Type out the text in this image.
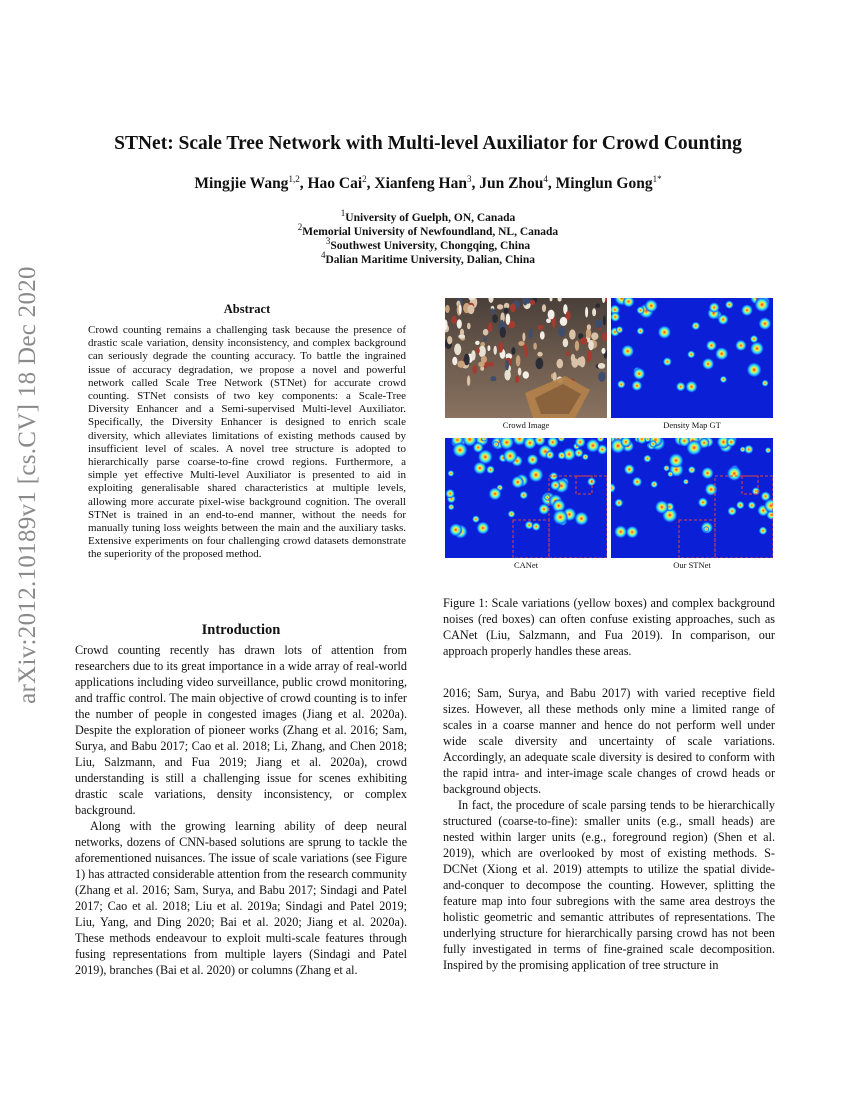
arXiv:2012.10189v1 [cs.CV] 18 Dec 2020
STNet: Scale Tree Network with Multi-level Auxiliator for Crowd Counting
Mingjie Wang$^{1,2}$, Hao Cai$^2$, Xianfeng Han$^3$, Jun Zhou$^4$, Minglun Gong$^{1*}$
$^1$University of Guelph, ON, Canada
$^2$Memorial University of Newfoundland, NL, Canada
$^3$Southwest University, Chongqing, China
$^4$Dalian Maritime University, Dalian, China
Abstract
Crowd counting remains a challenging task because the presence of drastic scale variation, density inconsistency, and complex background can seriously degrade the counting accuracy. To battle the ingrained issue of accuracy degradation, we propose a novel and powerful network called Scale Tree Network (STNet) for accurate crowd counting. STNet consists of two key components: a Scale-Tree Diversity Enhancer and a Semi-supervised Multi-level Auxiliator. Specifically, the Diversity Enhancer is designed to enrich scale diversity, which alleviates limitations of existing methods caused by insufficient level of scales. A novel tree structure is adopted to hierarchically parse coarse-to-fine crowd regions. Furthermore, a simple yet effective Multi-level Auxiliator is presented to aid in exploiting generalisable shared characteristics at multiple levels, allowing more accurate pixel-wise background cognition. The overall STNet is trained in an end-to-end manner, without the needs for manually tuning loss weights between the main and the auxiliary tasks. Extensive experiments on four challenging crowd datasets demonstrate the superiority of the proposed method.
Introduction

Crowd counting recently has drawn lots of attention from researchers due to its great importance in a wide array of real-world applications including video surveillance, public crowd monitoring, and traffic control. The main objective of crowd counting is to infer the number of people in congested images (Jiang et al. 2020a). Despite the exploration of pioneer works (Zhang et al. 2016; Sam, Surya, and Babu 2017; Cao et al. 2018; Li, Zhang, and Chen 2018; Liu, Salzmann, and Fua 2019; Jiang et al. 2020a), crowd understanding is still a challenging issue for scenes exhibiting drastic scale variations, density inconsistency, or complex background.

Along with the growing learning ability of deep neural networks, dozens of CNN-based solutions are sprung to tackle the aforementioned nuisances. The issue of scale variations (see Figure 1) has attracted considerable attention from the research community (Zhang et al. 2016; Sam, Surya, and Babu 2017; Sindagi and Patel 2017; Cao et al. 2018; Liu et al. 2019a; Sindagi and Patel 2019; Liu, Yang, and Ding 2020; Bai et al. 2020; Jiang et al. 2020a). These methods endeavour to exploit multi-scale features through fusing representations from multiple layers (Sindagi and Patel 2019), branches (Bai et al. 2020) or columns (Zhang et al.

Crowd Image	Density Map GT
CANet	Our STNet
Figure 1: Scale variations (yellow boxes) and complex background noises (red boxes) can often confuse existing approaches, such as CANet (Liu, Salzmann, and Fua 2019). In comparison, our approach properly handles these areas.

2016; Sam, Surya, and Babu 2017) with varied receptive field sizes. However, all these methods only mine a limited range of scales in a coarse manner and hence do not perform well under wide scale diversity and uncertainty of scale variations. Accordingly, an adequate scale diversity is desired to conform with the rapid intra- and inter-image scale changes of crowd heads or background objects.

In fact, the procedure of scale parsing tends to be hierarchically structured (coarse-to-fine): smaller units (e.g., small heads) are nested within larger units (e.g., foreground region) (Shen et al. 2019), which are overlooked by most of existing methods. S-DCNet (Xiong et al. 2019) attempts to utilize the spatial divide-and-conquer to decompose the counting. However, splitting the feature map into four subregions with the same area destroys the holistic geometric and semantic attributes of representations. The underlying structure for hierarchically parsing crowd has not been fully investigated in terms of fine-grained scale decomposition. Inspired by the promising application of tree structure in
